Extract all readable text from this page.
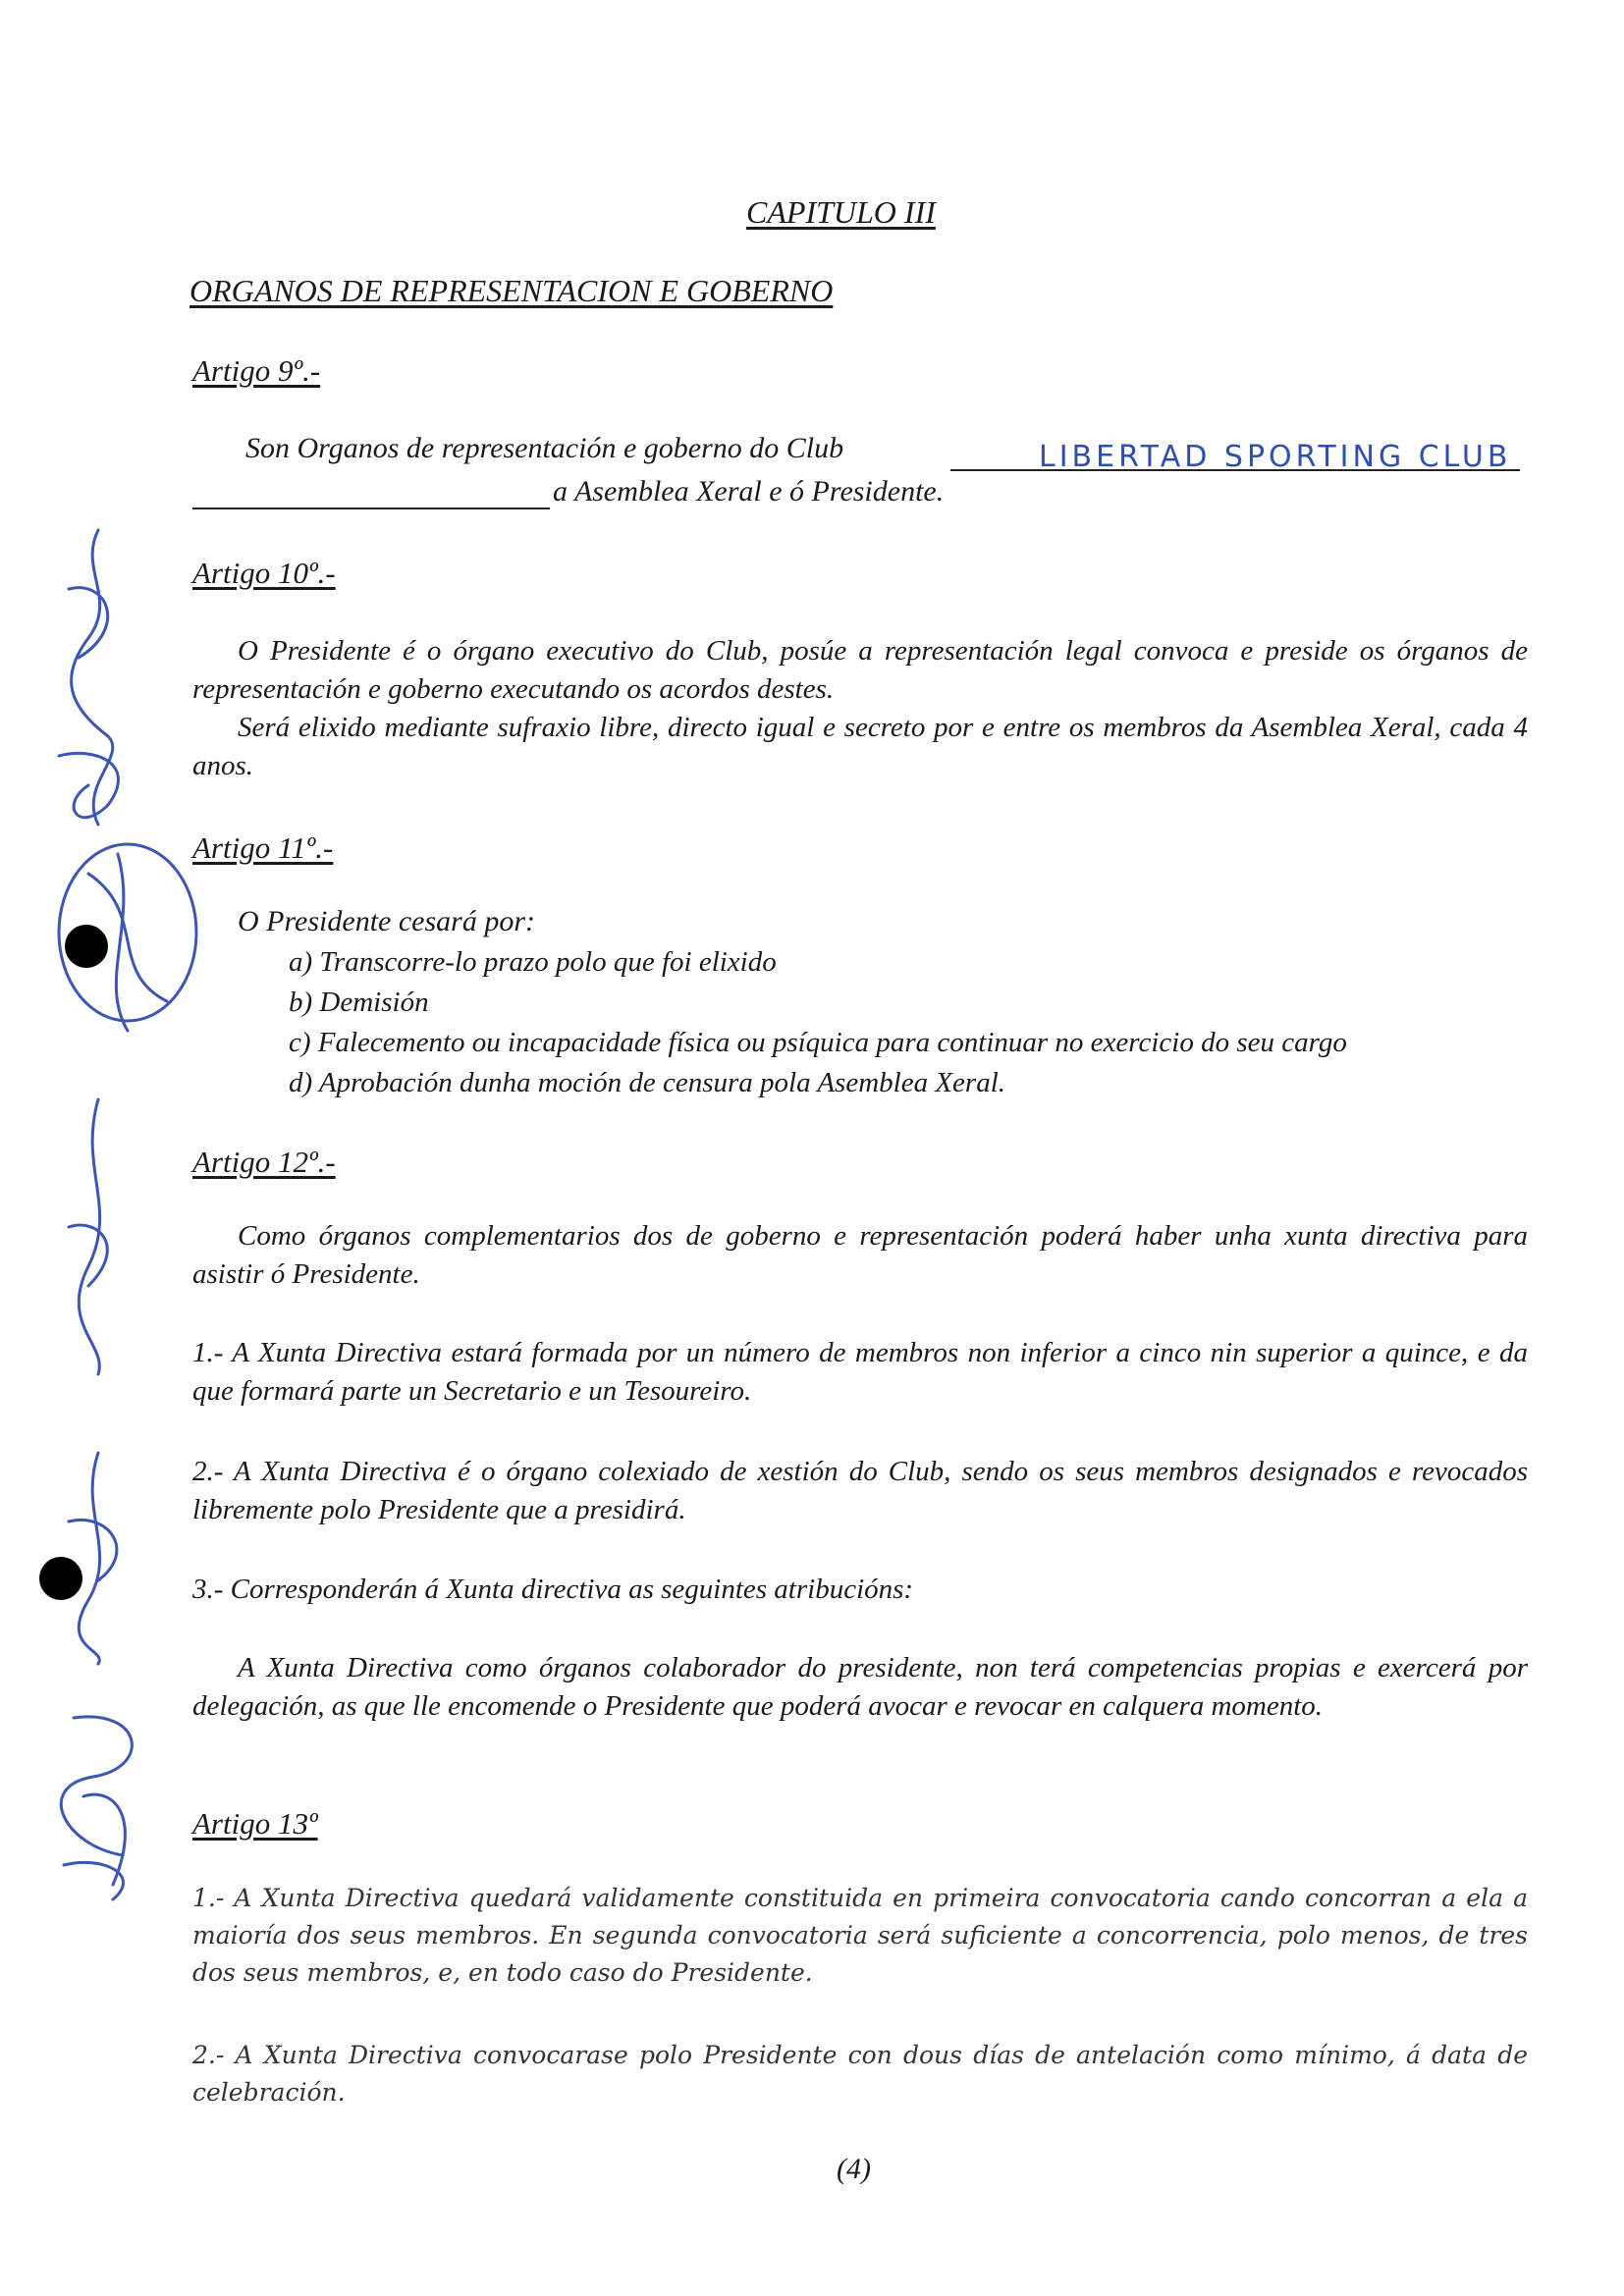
CAPITULO III
ORGANOS DE REPRESENTACION E GOBERNO
Artigo 9º.-
Son Organos de representación e goberno do Club	LIBERTAD SPORTING CLUB
a Asemblea Xeral e ó Presidente.
Artigo 10º.-
O Presidente é o órgano executivo do Club, posúe a representación legal convoca e preside os órganos de representación e goberno executando os acordos destes.
Será elixido mediante sufraxio libre, directo igual e secreto por e entre os membros da Asemblea Xeral, cada 4 anos.
Artigo 11º.-
O Presidente cesará por:
a) Transcorre-lo prazo polo que foi elixido
b) Demisión
c) Falecemento ou incapacidade física ou psíquica para continuar no exercicio do seu cargo
d) Aprobación dunha moción de censura pola Asemblea Xeral.
Artigo 12º.-
Como órganos complementarios dos de goberno e representación poderá haber unha xunta directiva para asistir ó Presidente.
1.- A Xunta Directiva estará formada por un número de membros non inferior a cinco nin superior a quince, e da que formará parte un Secretario e un Tesoureiro.
2.- A Xunta Directiva é o órgano colexiado de xestión do Club, sendo os seus membros designados e revocados libremente polo Presidente que a presidirá.
3.- Corresponderán á Xunta directiva as seguintes atribucións:
A Xunta Directiva como órganos colaborador do presidente, non terá competencias propias e exercerá por delegación, as que lle encomende o Presidente que poderá avocar e revocar en calquera momento.
Artigo 13º
1.- A Xunta Directiva quedará validamente constituida en primeira convocatoria cando concorran a ela a maioría dos seus membros. En segunda convocatoria será suficiente a concorrencia, polo menos, de tres dos seus membros, e, en todo caso do Presidente.
2.- A Xunta Directiva convocarase polo Presidente con dous días de antelación como mínimo, á data de celebración.
(4)
